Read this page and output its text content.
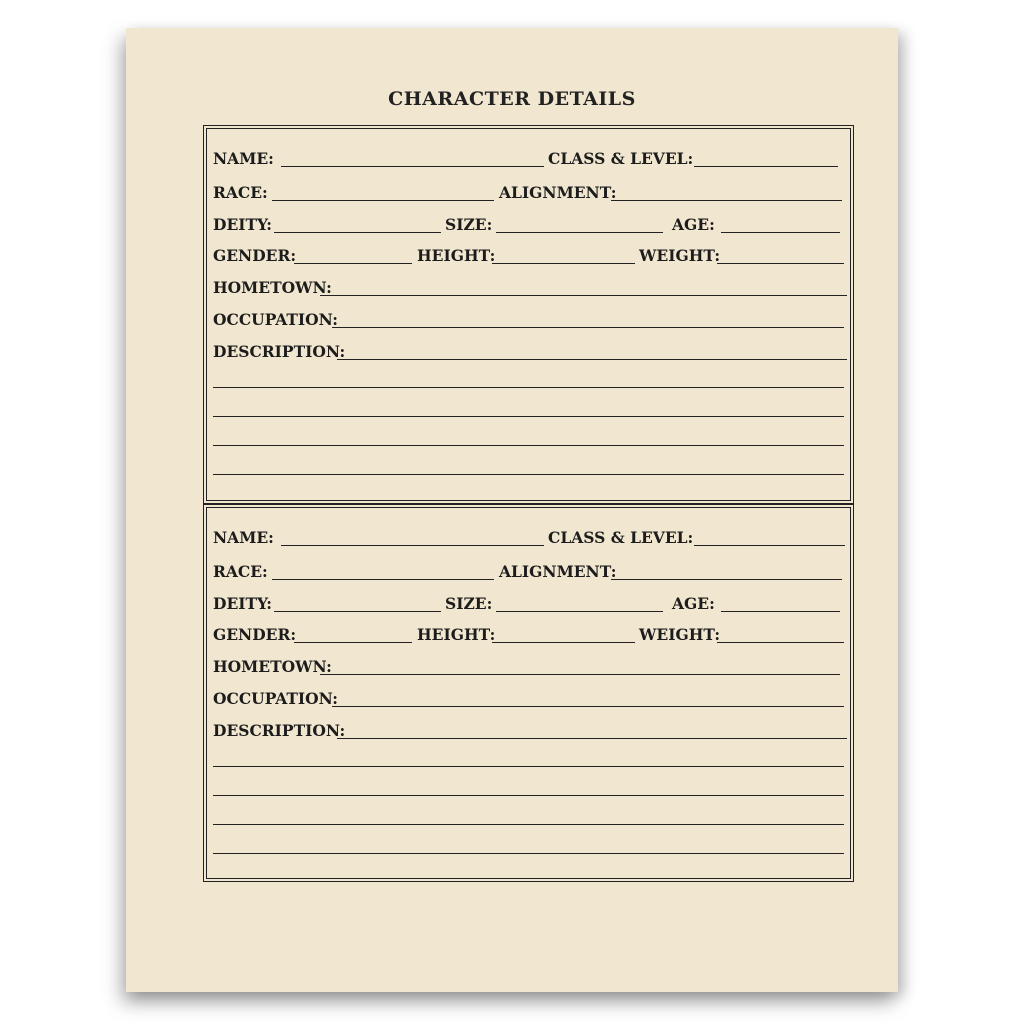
CHARACTER DETAILS
NAME:	CLASS & LEVEL:
RACE:	ALIGNMENT:
DEITY:	SIZE:	AGE:
GENDER:	HEIGHT:	WEIGHT:
HOMETOWN:
OCCUPATION:
DESCRIPTION:
NAME:	CLASS & LEVEL:
RACE:	ALIGNMENT:
DEITY:	SIZE:	AGE:
GENDER:	HEIGHT:	WEIGHT:
HOMETOWN:
OCCUPATION:
DESCRIPTION:
